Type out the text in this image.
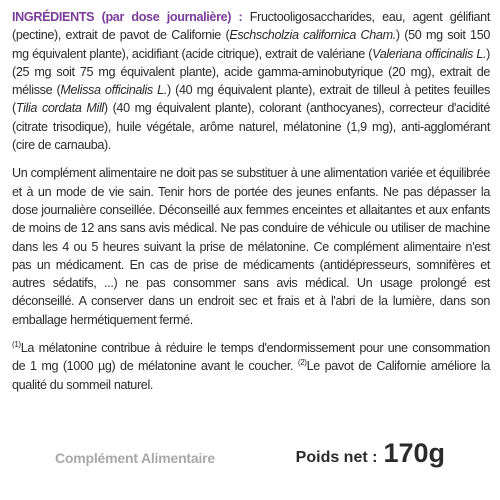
INGRÉDIENTS (par dose journalière) : Fructooligosaccharides, eau, agent gélifiant (pectine), extrait de pavot de Californie (Eschscholzia californica Cham.) (50 mg soit 150 mg équivalent plante), acidifiant (acide citrique), extrait de valériane (Valeriana officinalis L.) (25 mg soit 75 mg équivalent plante), acide gamma-aminobutyrique (20 mg), extrait de mélisse (Melissa officinalis L.) (40 mg équivalent plante), extrait de tilleul à petites feuilles (Tilia cordata Mill) (40 mg équivalent plante), colorant (anthocyanes), correcteur d'acidité (citrate trisodique), huile végétale, arôme naturel, mélatonine (1,9 mg), anti-agglomérant (cire de carnauba).

Un complément alimentaire ne doit pas se substituer à une alimentation variée et équilibrée et à un mode de vie sain. Tenir hors de portée des jeunes enfants. Ne pas dépasser la dose journalière conseillée. Déconseillé aux femmes enceintes et allaitantes et aux enfants de moins de 12 ans sans avis médical. Ne pas conduire de véhicule ou utiliser de machine dans les 4 ou 5 heures suivant la prise de mélatonine. Ce complément alimentaire n'est pas un médicament. En cas de prise de médicaments (antidépresseurs, somnifères et autres sédatifs, ...) ne pas consommer sans avis médical. Un usage prolongé est déconseillé. A conserver dans un endroit sec et frais et à l'abri de la lumière, dans son emballage hermétiquement fermé.

$^{(1)}$La mélatonine contribue à réduire le temps d'endormissement pour une consommation de 1 mg (1000 µg) de mélatonine avant le coucher. $^{(2)}$Le pavot de Californie améliore la qualité du sommeil naturel.

Complément Alimentaire	Poids net : 170g
